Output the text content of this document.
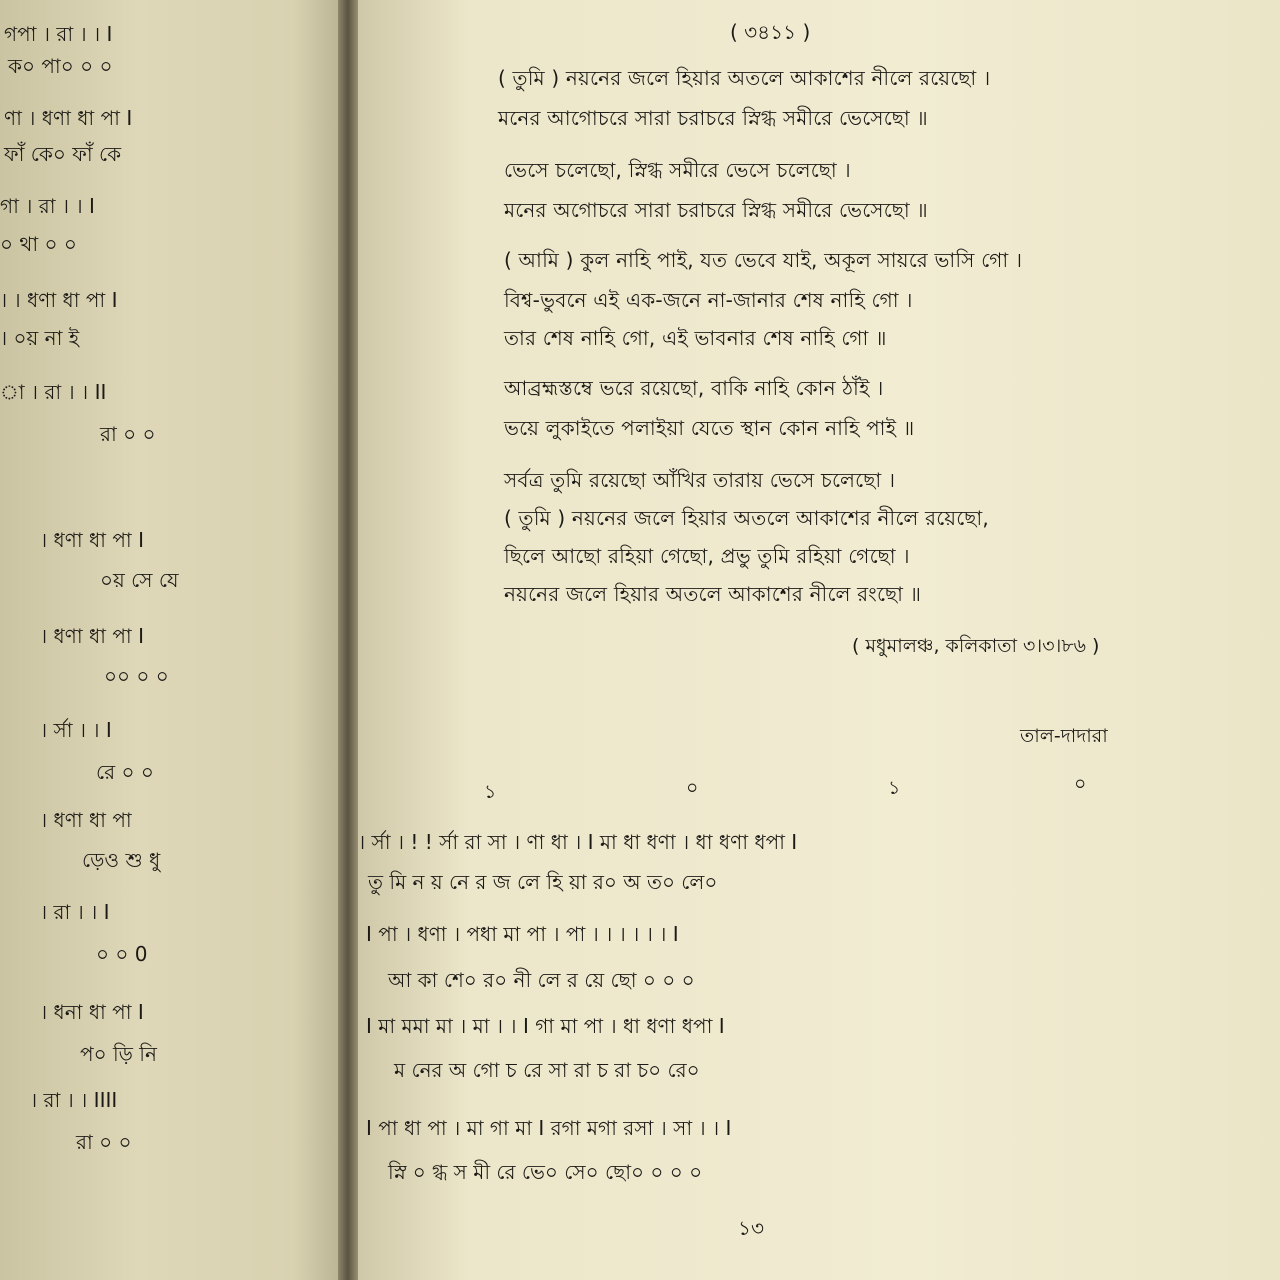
গপা । রা । । I
ক০ পা০ ০ ০
ণা । ধণা ধা পা I
ফাঁ কে০ ফাঁ কে
গা । রা । । I
০ থা ০ ০
। । ধণা ধা পা I
। ০য় না ই
া । রা । । II
রা ০ ০
। ধণা ধা পা I
০য় সে যে
। ধণা ধা পা I
০০ ০ ০
। র্সা । । I
রে ০ ০
। ধণা ধা পা
ড়েও শু ধু
। রা । । I
০ ০ 0
। ধনা ধা পা I
প০ ড়ি নি
। রা । । IIII
রা ০ ০
( ৩৪১১ )
( তুমি ) নয়নের জলে হিয়ার অতলে আকাশের নীলে রয়েছো ।
মনের আগোচরে সারা চরাচরে স্নিগ্ধ সমীরে ভেসেছো ॥
ভেসে চলেছো, স্নিগ্ধ সমীরে ভেসে চলেছো ।
মনের অগোচরে সারা চরাচরে স্নিগ্ধ সমীরে ভেসেছো ॥
( আমি ) কুল নাহি পাই, যত ভেবে যাই, অকূল সায়রে ভাসি গো ।
বিশ্ব-ভুবনে এই এক-জনে না-জানার শেষ নাহি গো ।
তার শেষ নাহি গো, এই ভাবনার শেষ নাহি গো ॥
আব্রহ্মস্তম্বে ভরে রয়েছো, বাকি নাহি কোন ঠাঁই ।
ভয়ে লুকাইতে পলাইয়া যেতে স্থান কোন নাহি পাই ॥
সর্বত্র তুমি রয়েছো আঁখির তারায় ভেসে চলেছো ।
( তুমি ) নয়নের জলে হিয়ার অতলে আকাশের নীলে রয়েছো,
ছিলে আছো রহিয়া গেছো, প্রভু তুমি রহিয়া গেছো ।
নয়নের জলে হিয়ার অতলে আকাশের নীলে রংছো ॥
( মধুমালঞ্চ, কলিকাতা ৩।৩।৮৬ )
তাল-দাদারা
১	০	১	০
। র্সা । ! ! র্সা রা সা । ণা ধা । I মা ধা ধণা । ধা ধণা ধপা I
তু মি ন য় নে র জ লে হি য়া র০ অ ত০ লে০
I পা । ধণা । পধা মা পা । পা । । । । । । I
আ কা শে০ র০ নী লে র য়ে ছো ০ ০ ০
I মা মমা মা । মা । । I গা মা পা । ধা ধণা ধপা I
ম নের অ গো চ রে সা রা চ রা চ০ রে০
I পা ধা পা । মা গা মা I রগা মগা রসা । সা । । I
স্নি ০ গ্ধ স মী রে ভে০ সে০ ছো০ ০ ০ ০
১৩
